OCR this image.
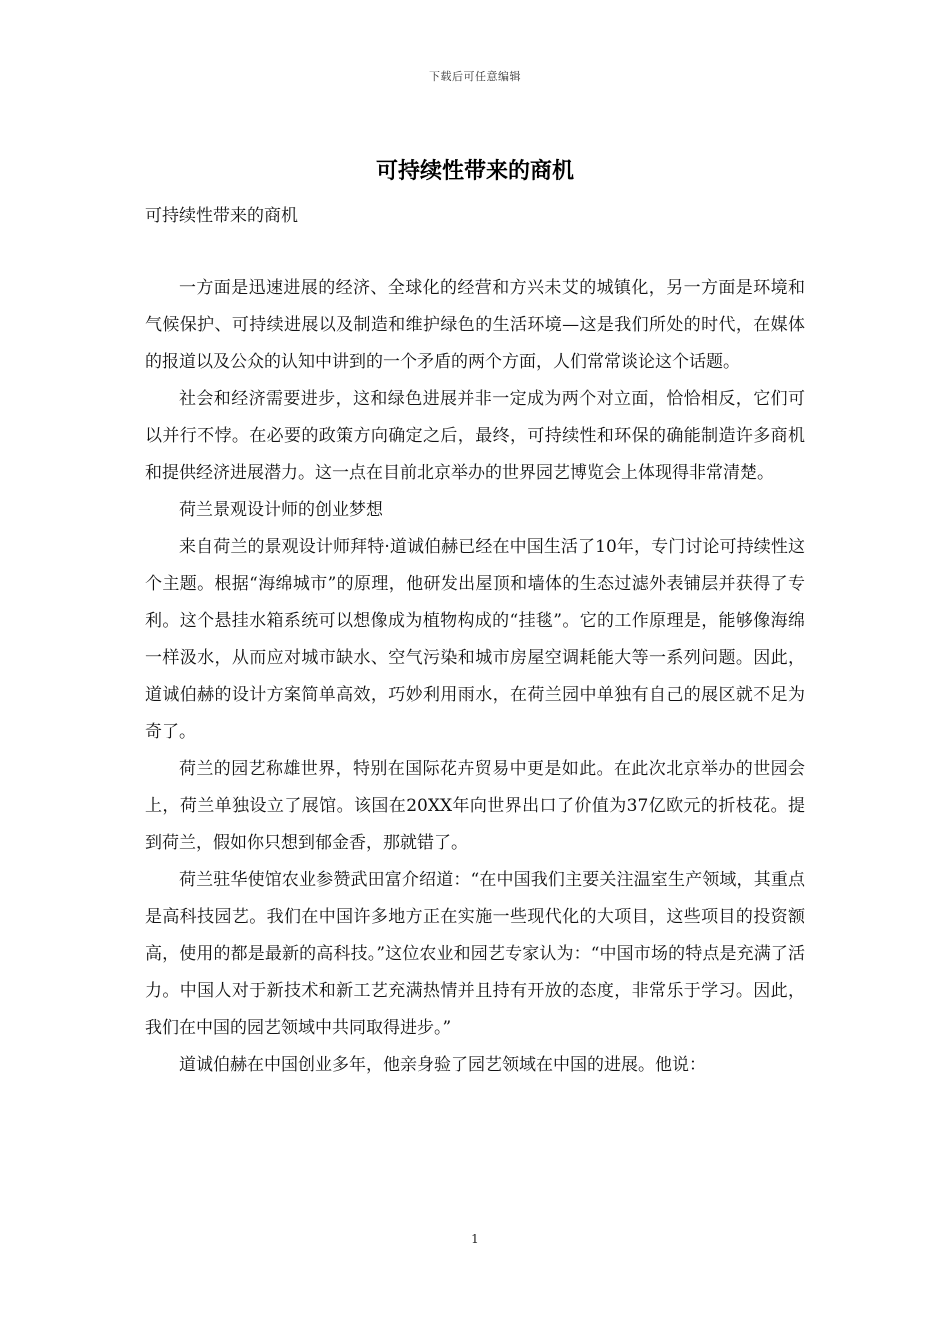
下载后可任意编辑
可持续性带来的商机

可持续性带来的商机

一方面是迅速进展的经济、全球化的经营和方兴未艾的城镇化，另一方面是环境和气候保护、可持续进展以及制造和维护绿色的生活环境—这是我们所处的时代，在媒体的报道以及公众的认知中讲到的一个矛盾的两个方面，人们常常谈论这个话题。

社会和经济需要进步，这和绿色进展并非一定成为两个对立面，恰恰相反，它们可以并行不悖。在必要的政策方向确定之后，最终，可持续性和环保的确能制造许多商机和提供经济进展潜力。这一点在目前北京举办的世界园艺博览会上体现得非常清楚。

荷兰景观设计师的创业梦想

来自荷兰的景观设计师拜特·道诚伯赫已经在中国生活了10年，专门讨论可持续性这个主题。根据“海绵城市”的原理，他研发出屋顶和墙体的生态过滤外表铺层并获得了专利。这个悬挂水箱系统可以想像成为植物构成的“挂毯”。它的工作原理是，能够像海绵一样汲水，从而应对城市缺水、空气污染和城市房屋空调耗能大等一系列问题。因此，道诚伯赫的设计方案简单高效，巧妙利用雨水，在荷兰园中单独有自己的展区就不足为奇了。

荷兰的园艺称雄世界，特别在国际花卉贸易中更是如此。在此次北京举办的世园会上，荷兰单独设立了展馆。该国在20XX年向世界出口了价值为37亿欧元的折枝花。提到荷兰，假如你只想到郁金香，那就错了。

荷兰驻华使馆农业参赞武田富介绍道：“在中国我们主要关注温室生产领域，其重点是高科技园艺。我们在中国许多地方正在实施一些现代化的大项目，这些项目的投资额高，使用的都是最新的高科技。”这位农业和园艺专家认为：“中国市场的特点是充满了活力。中国人对于新技术和新工艺充满热情并且持有开放的态度，非常乐于学习。因此，我们在中国的园艺领域中共同取得进步。”

道诚伯赫在中国创业多年，他亲身验了园艺领域在中国的进展。他说：

1
